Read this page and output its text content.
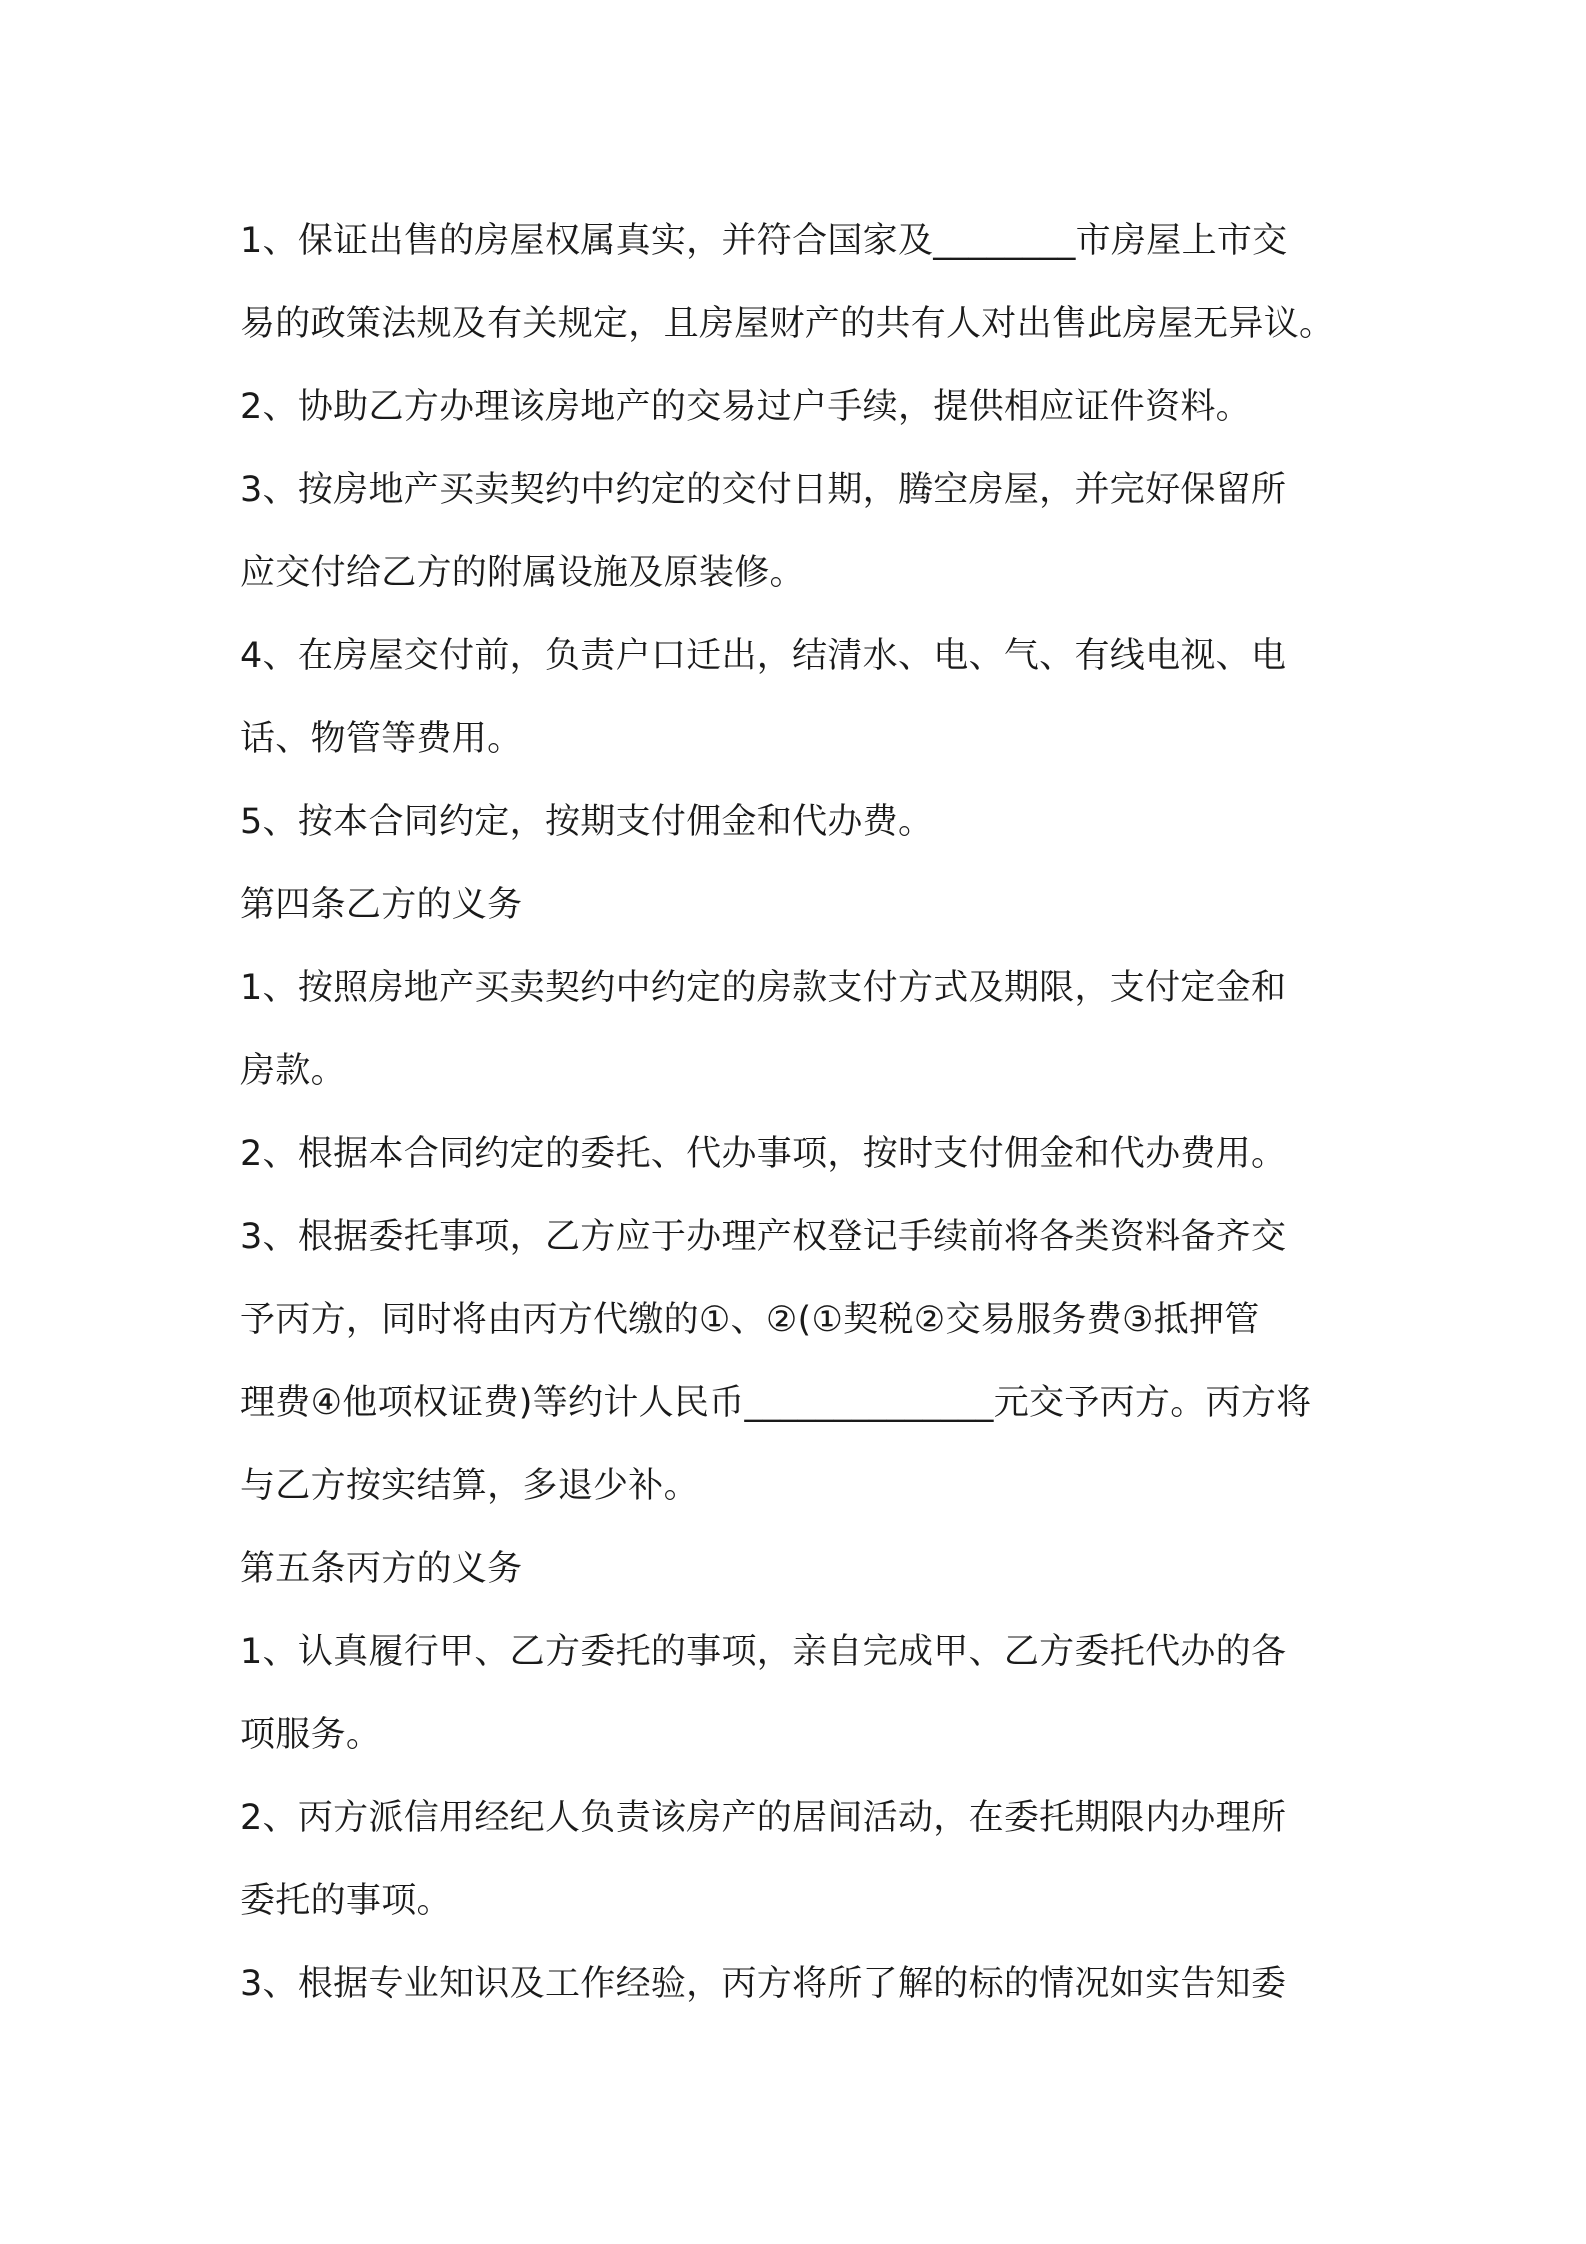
1、保证出售的房屋权属真实，并符合国家及________市房屋上市交

易的政策法规及有关规定，且房屋财产的共有人对出售此房屋无异议。

2、协助乙方办理该房地产的交易过户手续，提供相应证件资料。

3、按房地产买卖契约中约定的交付日期，腾空房屋，并完好保留所

应交付给乙方的附属设施及原装修。

4、在房屋交付前，负责户口迁出，结清水、电、气、有线电视、电

话、物管等费用。

5、按本合同约定，按期支付佣金和代办费。

第四条乙方的义务

1、按照房地产买卖契约中约定的房款支付方式及期限，支付定金和

房款。

2、根据本合同约定的委托、代办事项，按时支付佣金和代办费用。

3、根据委托事项，乙方应于办理产权登记手续前将各类资料备齐交

予丙方，同时将由丙方代缴的①、②(①契税②交易服务费③抵押管

理费④他项权证费)等约计人民币______________元交予丙方。丙方将

与乙方按实结算，多退少补。

第五条丙方的义务

1、认真履行甲、乙方委托的事项，亲自完成甲、乙方委托代办的各

项服务。

2、丙方派信用经纪人负责该房产的居间活动，在委托期限内办理所

委托的事项。

3、根据专业知识及工作经验，丙方将所了解的标的情况如实告知委
